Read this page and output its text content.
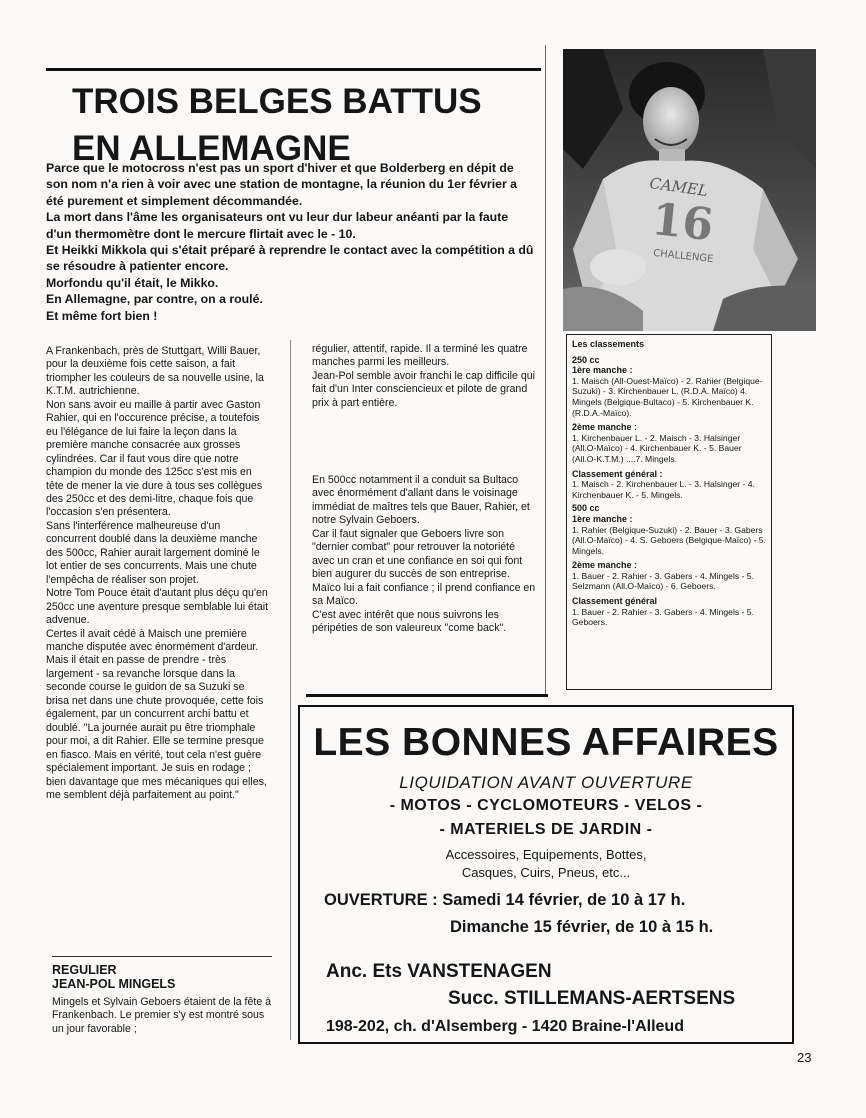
TROIS BELGES BATTUS
EN ALLEMAGNE

Parce que le motocross n'est pas un sport d'hiver et que Bolderberg en dépit de son nom n'a rien à voir avec une station de montagne, la réunion du 1er février a été purement et simplement décommandée.

La mort dans l'âme les organisateurs ont vu leur dur labeur anéanti par la faute d'un thermomètre dont le mercure flirtait avec le - 10.

Et Heikki Mikkola qui s'était préparé à reprendre le contact avec la compétition a dû se résoudre à patienter encore.

Morfondu qu'il était, le Mikko.

En Allemagne, par contre, on a roulé.

Et même fort bien !

A Frankenbach, près de Stuttgart, Willi Bauer, pour la deuxième fois cette saison, a fait triompher les couleurs de sa nouvelle usine, la K.T.M. autrichienne.

Non sans avoir eu maille à partir avec Gaston Rahier, qui en l'occurence précise, a toutefois eu l'élégance de lui faire la leçon dans la première manche consacrée aux grosses cylindrées. Car il faut vous dire que notre champion du monde des 125cc s'est mis en tête de mener la vie dure à tous ses collègues des 250cc et des demi-litre, chaque fois que l'occasion s'en présentera.

Sans l'interférence malheureuse d'un concurrent doublé dans la deuxième manche des 500cc, Rahier aurait largement dominé le lot entier de ses concurrents. Mais une chute l'empêcha de réaliser son projet.

Notre Tom Pouce était d'autant plus déçu qu'en 250cc une aventure presque semblable lui était advenue.

Certes il avait cédé à Maisch une première manche disputée avec énormément d'ardeur.

Mais il était en passe de prendre - très largement - sa revanche lorsque dans la seconde course le guidon de sa Suzuki se brisa net dans une chute provoquée, cette fois également, par un concurrent archi battu et doublé. "La journée aurait pu être triomphale pour moi, a dit Rahier. Elle se termine presque en fiasco. Mais en vérité, tout cela n'est guère spécialement important. Je suis en rodage ; bien davantage que mes mécaniques qui elles, me semblent déjà parfaitement au point."

REGULIER
JEAN-POL MINGELS

Mingels et Sylvain Geboers étaient de la fête à Frankenbach. Le premier s'y est montré sous un jour favorable ;

régulier, attentif, rapide. Il a terminé les quatre manches parmi les meilleurs.

Jean-Pol semble avoir franchi le cap difficile qui fait d'un Inter consciencieux et pilote de grand prix à part entière.

En 500cc notamment il a conduit sa Bultaco avec énormément d'allant dans le voisinage immédiat de maîtres tels que Bauer, Rahier, et notre Sylvain Geboers.

Car il faut signaler que Geboers livre son "dernier combat" pour retrouver la notoriété avec un cran et une confiance en soi qui font bien augurer du succès de son entreprise.

Maïco lui a fait confiance ; il prend confiance en sa Maïco.

C'est avec intérêt que nous suivrons les péripéties de son valeureux "come back".

CAMEL
16
CHALLENGE
Les classements
250 cc
1ère manche :
1. Maisch (All-Ouest-Maïco) - 2. Rahier (Belgique-Suzuki) - 3. Kirchenbauer L. (R.D.A. Maïco) 4. Mingels (Belgique-Bultaco) - 5. Kirchenbauer K. (R.D.A.-Maïco).
2ème manche :
1. Kirchenbauer L. - 2. Maisch - 3. Halsinger (All.O-Maïco) - 4. Kirchenbauer K. - 5. Bauer (All.O-K.T.M.) ....7. Mingels.
Classement général :
1. Maisch - 2. Kirchenbauer L. - 3. Halsinger - 4. Kirchenbauer K. - 5. Mingels.
500 cc
1ère manche :
1. Rahier (Belgique-Suzuki) - 2. Bauer - 3. Gabers (All.O-Maïco) - 4. S. Geboers (Belgique-Maïco) - 5. Mingels.
2ème manche :
1. Bauer - 2. Rahier - 3. Gabers - 4. Mingels - 5. Selzmann (All.O-Maïco) - 6. Geboers.
Classement général
1. Bauer - 2. Rahier - 3. Gabers - 4. Mingels - 5. Geboers.
LES BONNES AFFAIRES
LIQUIDATION AVANT OUVERTURE
- MOTOS - CYCLOMOTEURS - VELOS -
- MATERIELS DE JARDIN -
Accessoires, Equipements, Bottes,
Casques, Cuirs, Pneus, etc...
OUVERTURE : Samedi 14 février, de 10 à 17 h.
Dimanche 15 février, de 10 à 15 h.
Anc. Ets VANSTENAGEN
Succ. STILLEMANS-AERTSENS
198-202, ch. d'Alsemberg - 1420 Braine-l'Alleud
23
